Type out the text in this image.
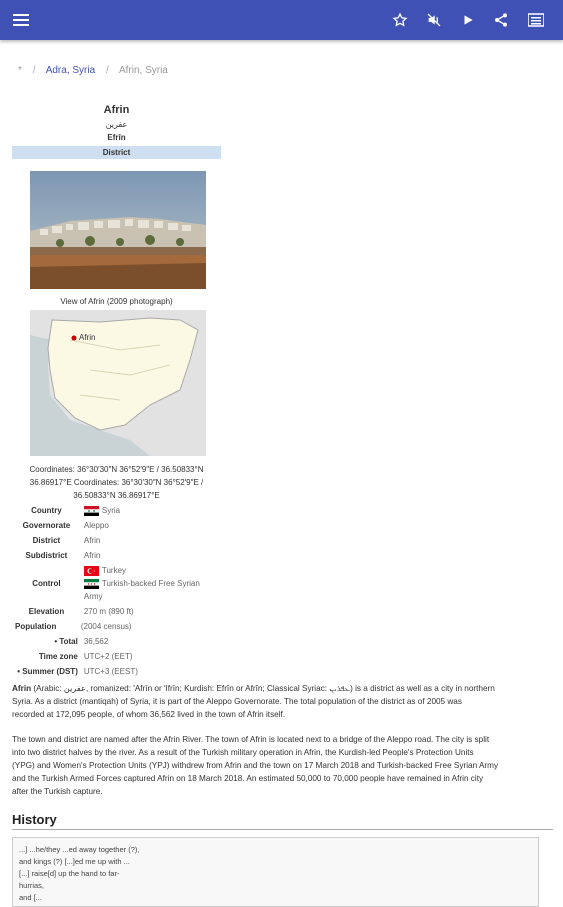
* / Adra, Syria / Afrin, Syria
Afrin
عفرين
Efrîn
District
View of Afrin (2009 photograph)
Afrin
Coordinates: 36°30′30″N 36°52′9″E / 36.50833°N
36.86917°E Coordinates: 36°30′30″N 36°52′9″E /
36.50833°N 36.86917°E
Country	Syria
Governorate	Aleppo
District	Afrin
Subdistrict	Afrin
Control	Turkey
Turkish-backed Free Syrian
Army

Elevation	270 m (890 ft)
Population	(2004 census)
• Total	36,562
Time zone	UTC+2 (EET)
• Summer (DST)	UTC+3 (EEST)
Afrin (Arabic: عفرين, romanized: 'Afrīn or 'Ifrīn; Kurdish: Efrîn or Afrîn; Classical Syriac: ܥܦܪܝܢ) is a district as well as a city in northern
Syria. As a district (mantiqah) of Syria, it is part of the Aleppo Governorate. The total population of the district as of 2005 was
recorded at 172,095 people, of whom 36,562 lived in the town of Afrin itself.
The town and district are named after the Afrin River. The town of Afrin is located next to a bridge of the Aleppo road. The city is split
into two district halves by the river. As a result of the Turkish military operation in Afrin, the Kurdish-led People's Protection Units
(YPG) and Women's Protection Units (YPJ) withdrew from Afrin and the town on 17 March 2018 and Turkish-backed Free Syrian Army
and the Turkish Armed Forces captured Afrin on 18 March 2018. An estimated 50,000 to 70,000 people have remained in Afrin city
after the Turkish capture.
History
...] ...he/they ...ed away together (?),
and kings (?) [...]ed me up with ...
[...] raise[d] up the hand to far-
hurrias,
and [...
